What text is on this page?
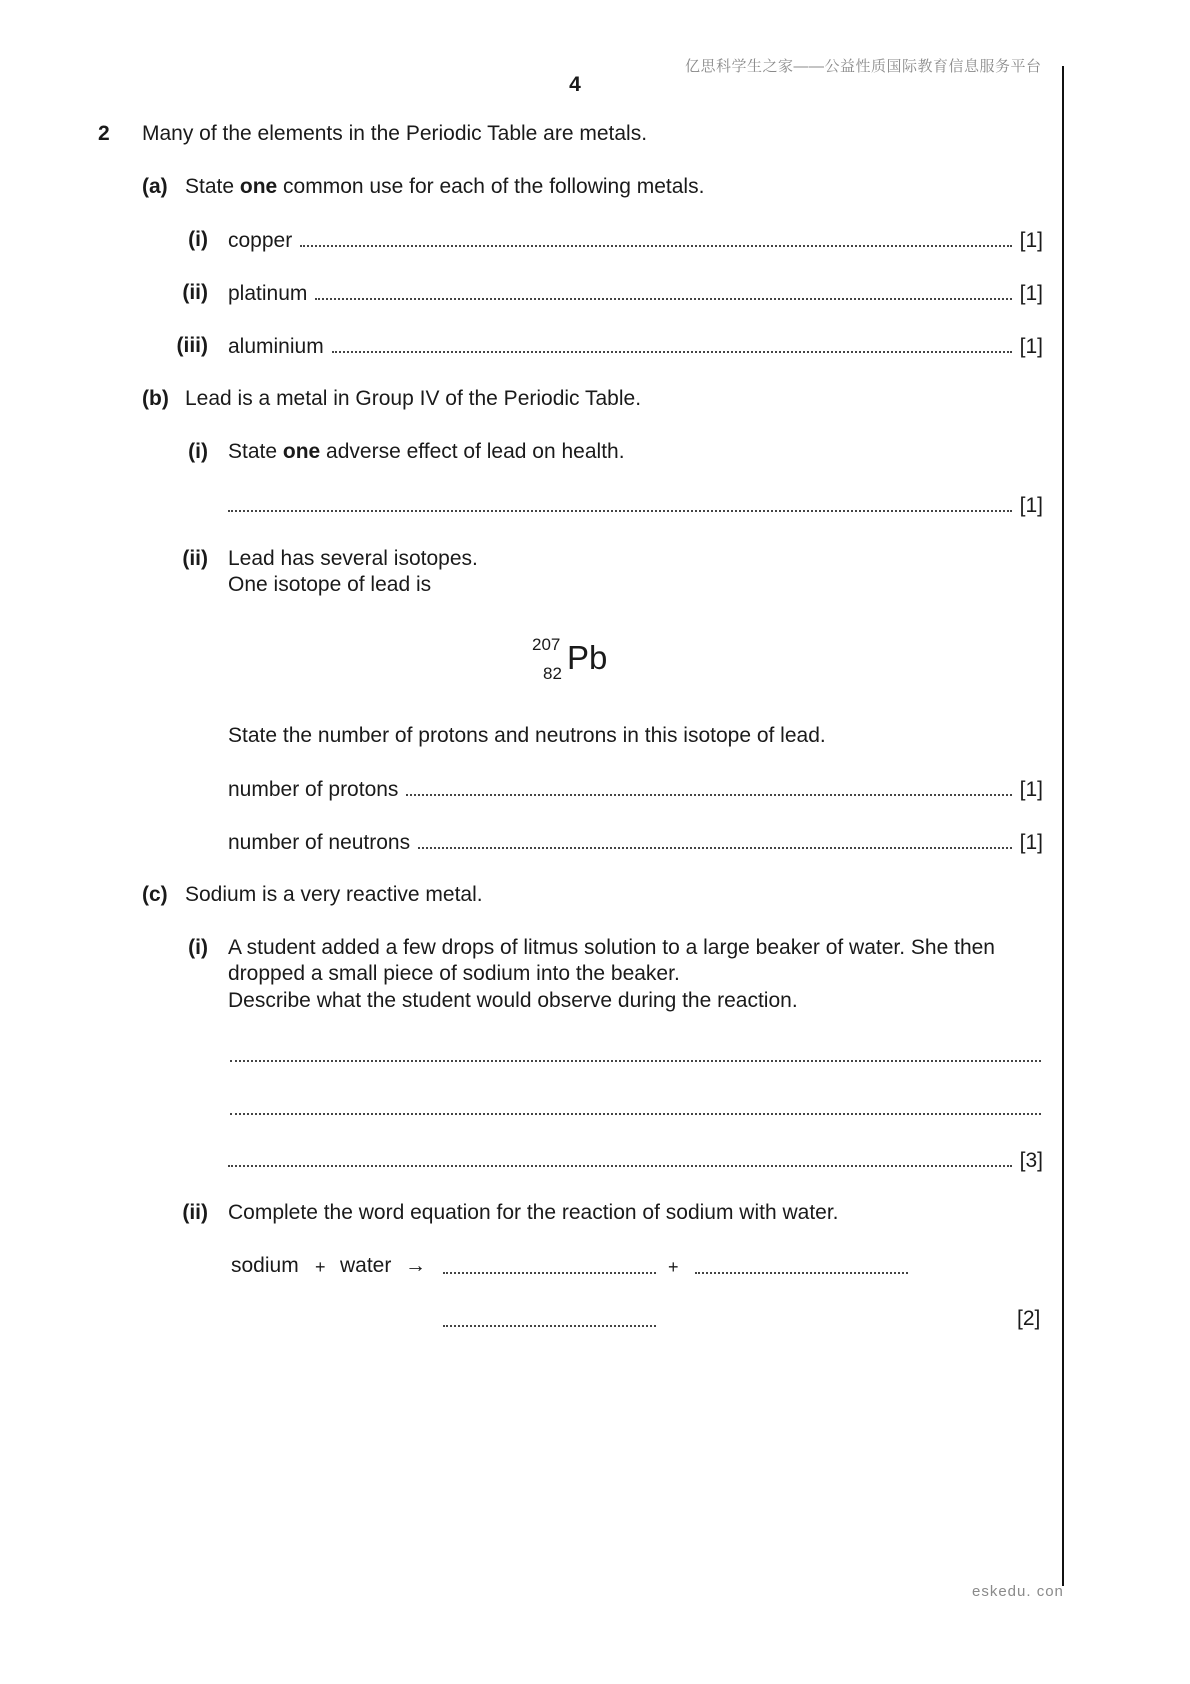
亿思科学生之家——公益性质国际教育信息服务平台
4
2 Many of the elements in the Periodic Table are metals.
(a) State one common use for each of the following metals.
(i) copper	[1]
(ii) platinum	[1]
(iii) aluminium	[1]
(b) Lead is a metal in Group IV of the Periodic Table.
(i) State one adverse effect of lead on health.
[1]
(ii) Lead has several isotopes.
One isotope of lead is
207
82 Pb
State the number of protons and neutrons in this isotope of lead.
number of protons	[1]
number of neutrons	[1]
(c) Sodium is a very reactive metal.
(i) A student added a few drops of litmus solution to a large beaker of water. She then
dropped a small piece of sodium into the beaker.
Describe what the student would observe during the reaction.
[3]
(ii) Complete the word equation for the reaction of sodium with water.
sodium + water →	+
[2]
eskedu. con
